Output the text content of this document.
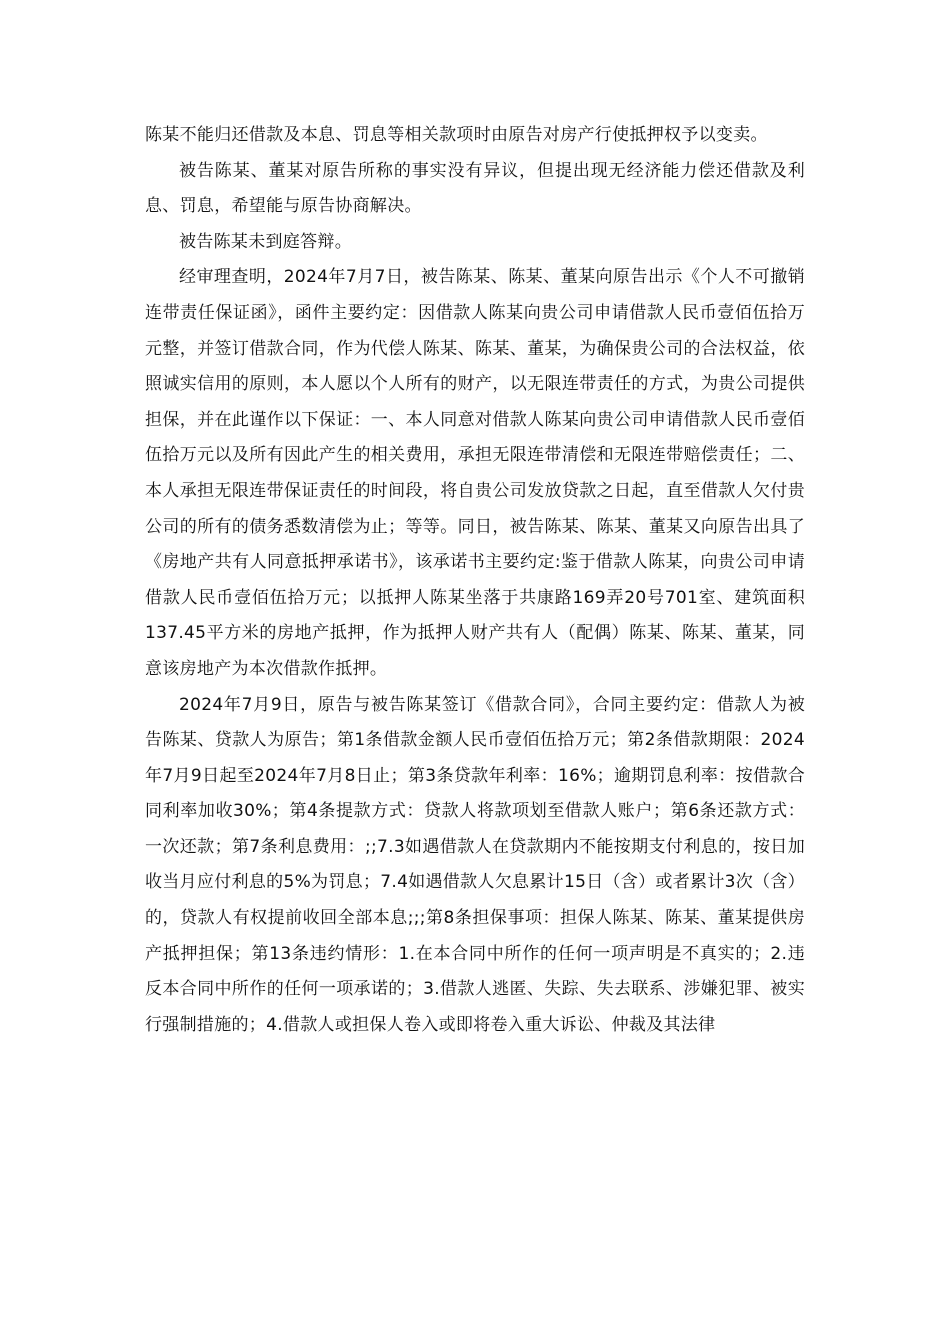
陈某不能归还借款及本息、罚息等相关款项时由原告对房产行使抵押权予以变卖。

被告陈某、董某对原告所称的事实没有异议，但提出现无经济能力偿还借款及利息、罚息，希望能与原告协商解决。

被告陈某未到庭答辩。

经审理查明，2024年7月7日，被告陈某、陈某、董某向原告出示《个人不可撤销连带责任保证函》，函件主要约定：因借款人陈某向贵公司申请借款人民币壹佰伍拾万元整，并签订借款合同，作为代偿人陈某、陈某、董某，为确保贵公司的合法权益，依照诚实信用的原则，本人愿以个人所有的财产，以无限连带责任的方式，为贵公司提供担保，并在此谨作以下保证：一、本人同意对借款人陈某向贵公司申请借款人民币壹佰伍拾万元以及所有因此产生的相关费用，承担无限连带清偿和无限连带赔偿责任；二、本人承担无限连带保证责任的时间段，将自贵公司发放贷款之日起，直至借款人欠付贵公司的所有的债务悉数清偿为止；等等。同日，被告陈某、陈某、董某又向原告出具了《房地产共有人同意抵押承诺书》，该承诺书主要约定:鉴于借款人陈某，向贵公司申请借款人民币壹佰伍拾万元；以抵押人陈某坐落于共康路169弄20号701室、建筑面积137.45平方米的房地产抵押，作为抵押人财产共有人（配偶）陈某、陈某、董某，同意该房地产为本次借款作抵押。

2024年7月9日，原告与被告陈某签订《借款合同》，合同主要约定：借款人为被告陈某、贷款人为原告；第1条借款金额人民币壹佰伍拾万元；第2条借款期限：2024年7月9日起至2024年7月8日止；第3条贷款年利率：16%；逾期罚息利率：按借款合同利率加收30%；第4条提款方式：贷款人将款项划至借款人账户；第6条还款方式：一次还款；第7条利息费用：;;7.3如遇借款人在贷款期内不能按期支付利息的，按日加收当月应付利息的5%为罚息；7.4如遇借款人欠息累计15日（含）或者累计3次（含）的，贷款人有权提前收回全部本息;;;第8条担保事项：担保人陈某、陈某、董某提供房产抵押担保；第13条违约情形：1.在本合同中所作的任何一项声明是不真实的；2.违反本合同中所作的任何一项承诺的；3.借款人逃匿、失踪、失去联系、涉嫌犯罪、被实行强制措施的；4.借款人或担保人卷入或即将卷入重大诉讼、仲裁及其法律
